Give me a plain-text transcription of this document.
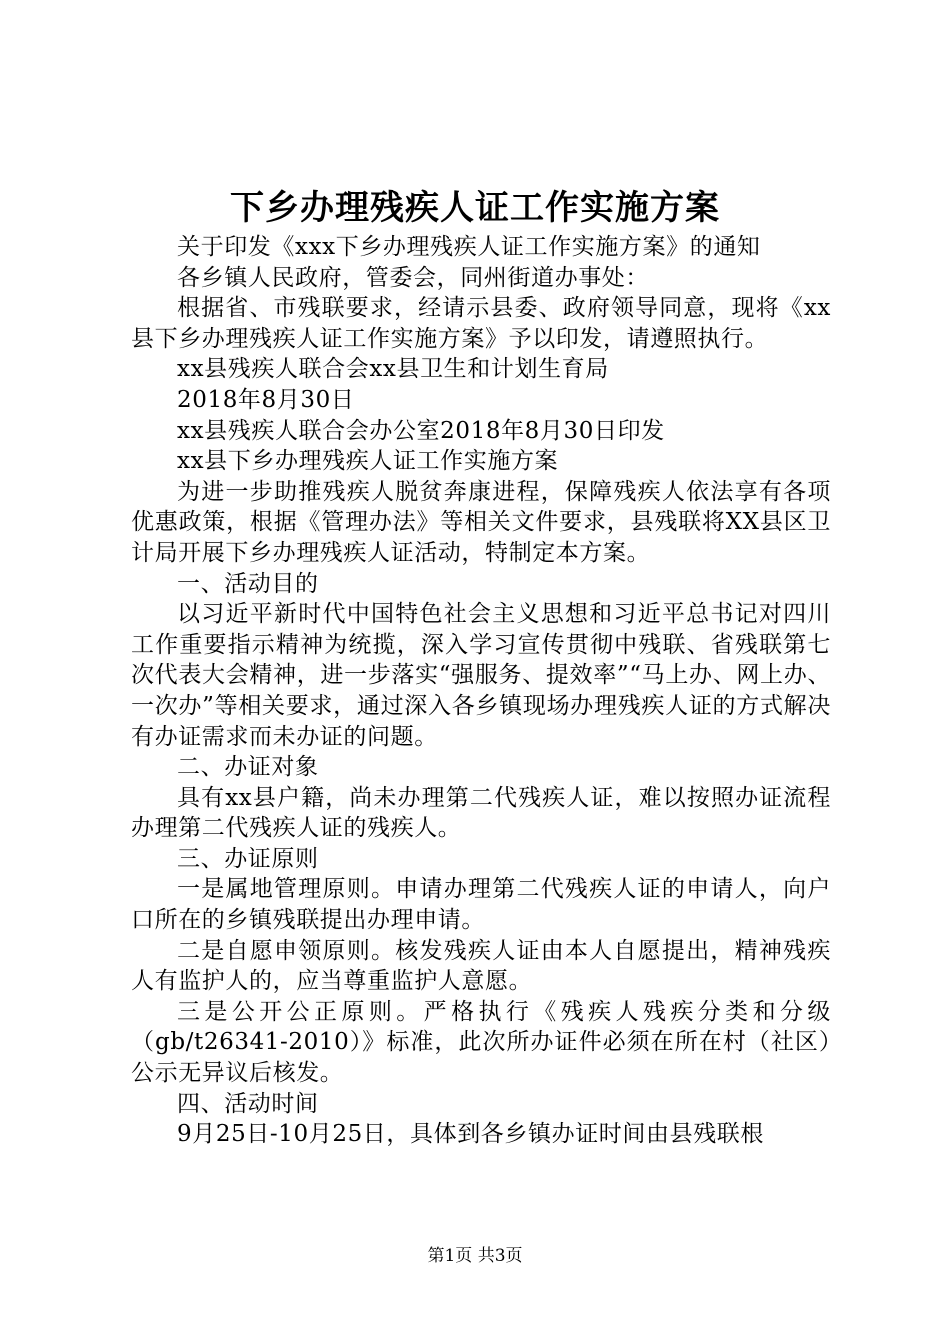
下乡办理残疾人证工作实施方案

关于印发《xxx下乡办理残疾人证工作实施方案》的通知

各乡镇人民政府，管委会，同州街道办事处：

根据省、市残联要求，经请示县委、政府领导同意，现将《xx县下乡办理残疾人证工作实施方案》予以印发，请遵照执行。

xx县残疾人联合会xx县卫生和计划生育局

2018年8月30日

xx县残疾人联合会办公室2018年8月30日印发

xx县下乡办理残疾人证工作实施方案

为进一步助推残疾人脱贫奔康进程，保障残疾人依法享有各项优惠政策，根据《管理办法》等相关文件要求，县残联将XX县区卫计局开展下乡办理残疾人证活动，特制定本方案。

一、活动目的

以习近平新时代中国特色社会主义思想和习近平总书记对四川工作重要指示精神为统揽，深入学习宣传贯彻中残联、省残联第七次代表大会精神，进一步落实“强服务、提效率”“马上办、网上办、一次办”等相关要求，通过深入各乡镇现场办理残疾人证的方式解决有办证需求而未办证的问题。

二、办证对象

具有xx县户籍，尚未办理第二代残疾人证，难以按照办证流程办理第二代残疾人证的残疾人。

三、办证原则

一是属地管理原则。申请办理第二代残疾人证的申请人，向户口所在的乡镇残联提出办理申请。

二是自愿申领原则。核发残疾人证由本人自愿提出，精神残疾人有监护人的，应当尊重监护人意愿。

三是公开公正原则。严格执行《残疾人残疾分类和分级（gb/t26341-2010）》标准，此次所办证件必须在所在村（社区）公示无异议后核发。

四、活动时间

9月25日-10月25日，具体到各乡镇办证时间由县残联根

第1页 共3页
